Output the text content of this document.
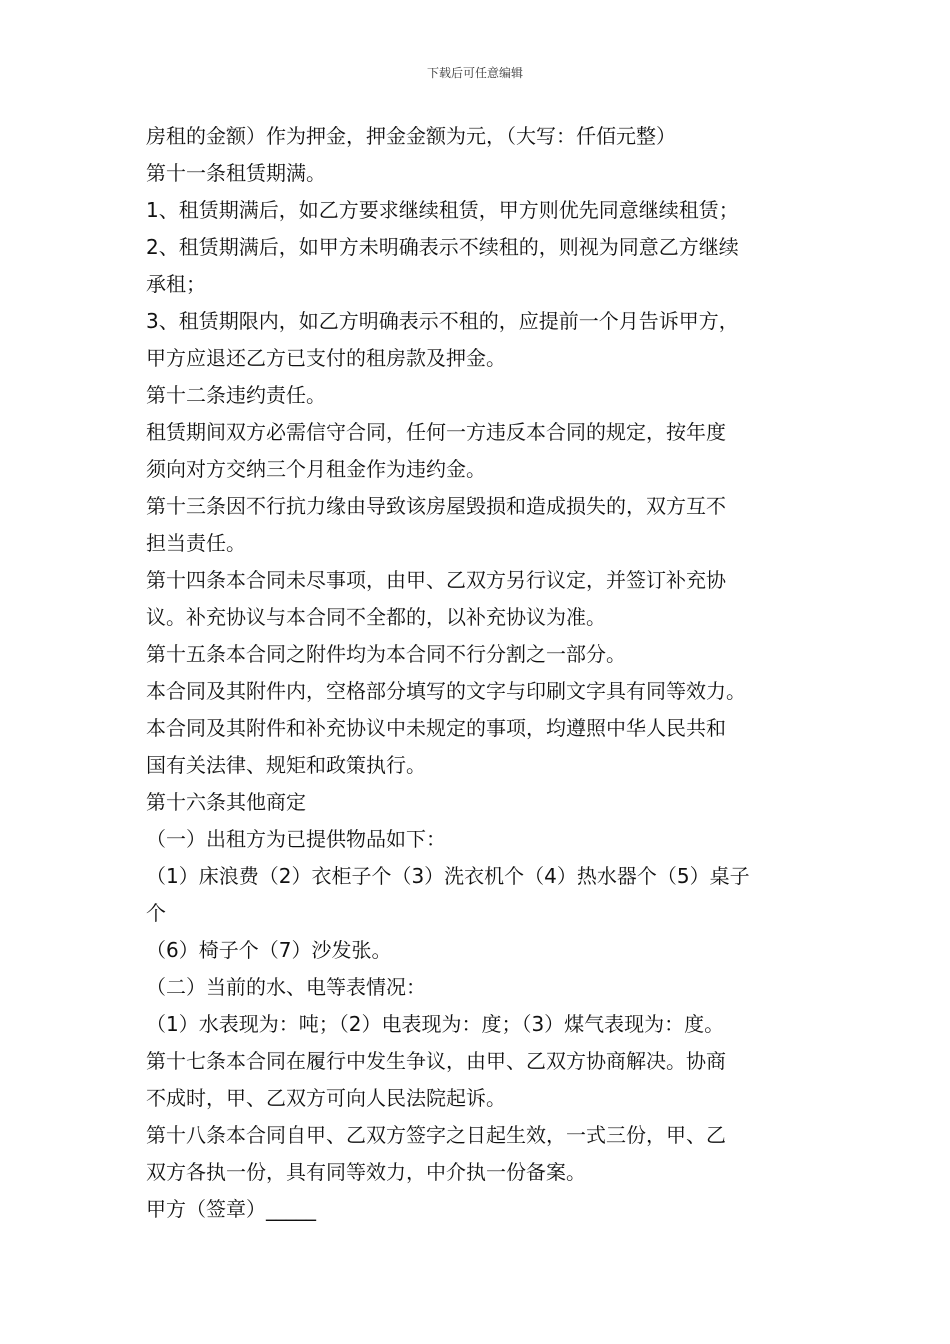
下载后可任意编辑
房租的金额）作为押金，押金金额为元，（大写：仟佰元整）
第十一条租赁期满。
1、租赁期满后，如乙方要求继续租赁，甲方则优先同意继续租赁；
2、租赁期满后，如甲方未明确表示不续租的，则视为同意乙方继续
承租；
3、租赁期限内，如乙方明确表示不租的，应提前一个月告诉甲方，
甲方应退还乙方已支付的租房款及押金。
第十二条违约责任。
租赁期间双方必需信守合同，任何一方违反本合同的规定，按年度
须向对方交纳三个月租金作为违约金。
第十三条因不行抗力缘由导致该房屋毁损和造成损失的，双方互不
担当责任。
第十四条本合同未尽事项，由甲、乙双方另行议定，并签订补充协
议。补充协议与本合同不全都的，以补充协议为准。
第十五条本合同之附件均为本合同不行分割之一部分。
本合同及其附件内，空格部分填写的文字与印刷文字具有同等效力。
本合同及其附件和补充协议中未规定的事项，均遵照中华人民共和
国有关法律、规矩和政策执行。
第十六条其他商定
（一）出租方为已提供物品如下：
（1）床浪费（2）衣柜子个（3）洗衣机个（4）热水器个（5）桌子
个
（6）椅子个（7）沙发张。
（二）当前的水、电等表情况：
（1）水表现为：吨；（2）电表现为：度；（3）煤气表现为：度。
第十七条本合同在履行中发生争议，由甲、乙双方协商解决。协商
不成时，甲、乙双方可向人民法院起诉。
第十八条本合同自甲、乙双方签字之日起生效，一式三份，甲、乙
双方各执一份，具有同等效力，中介执一份备案。
甲方（签章）_____
